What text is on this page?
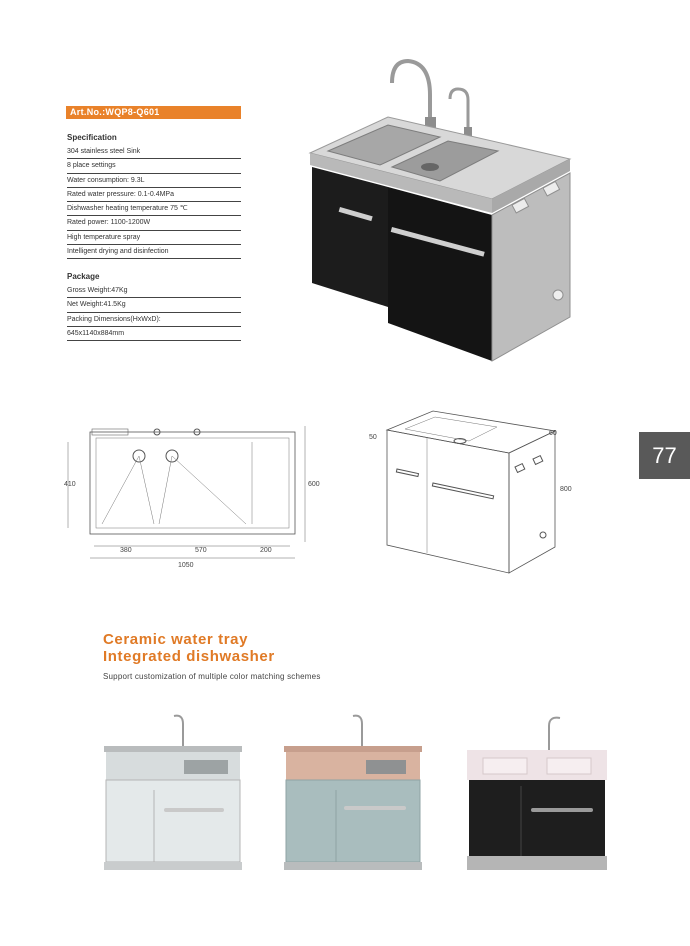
Art.No.:WQP8-Q601
Specification
304 stainless steel Sink
8 place settings
Water consumption: 9.3L
Rated water pressure: 0.1-0.4MPa
Dishwasher heating temperature 75 ℃
Rated power: 1100-1200W
High temperature spray
Intelligent drying and disinfection
Package
Gross Weight:47Kg
Net Weight:41.5Kg
Packing Dimensions(HxWxD):
645x1140x884mm
410	600
380	570	200
1050
50
60
800
77
Ceramic water tray
Integrated dishwasher
Support customization of multiple color matching schemes
